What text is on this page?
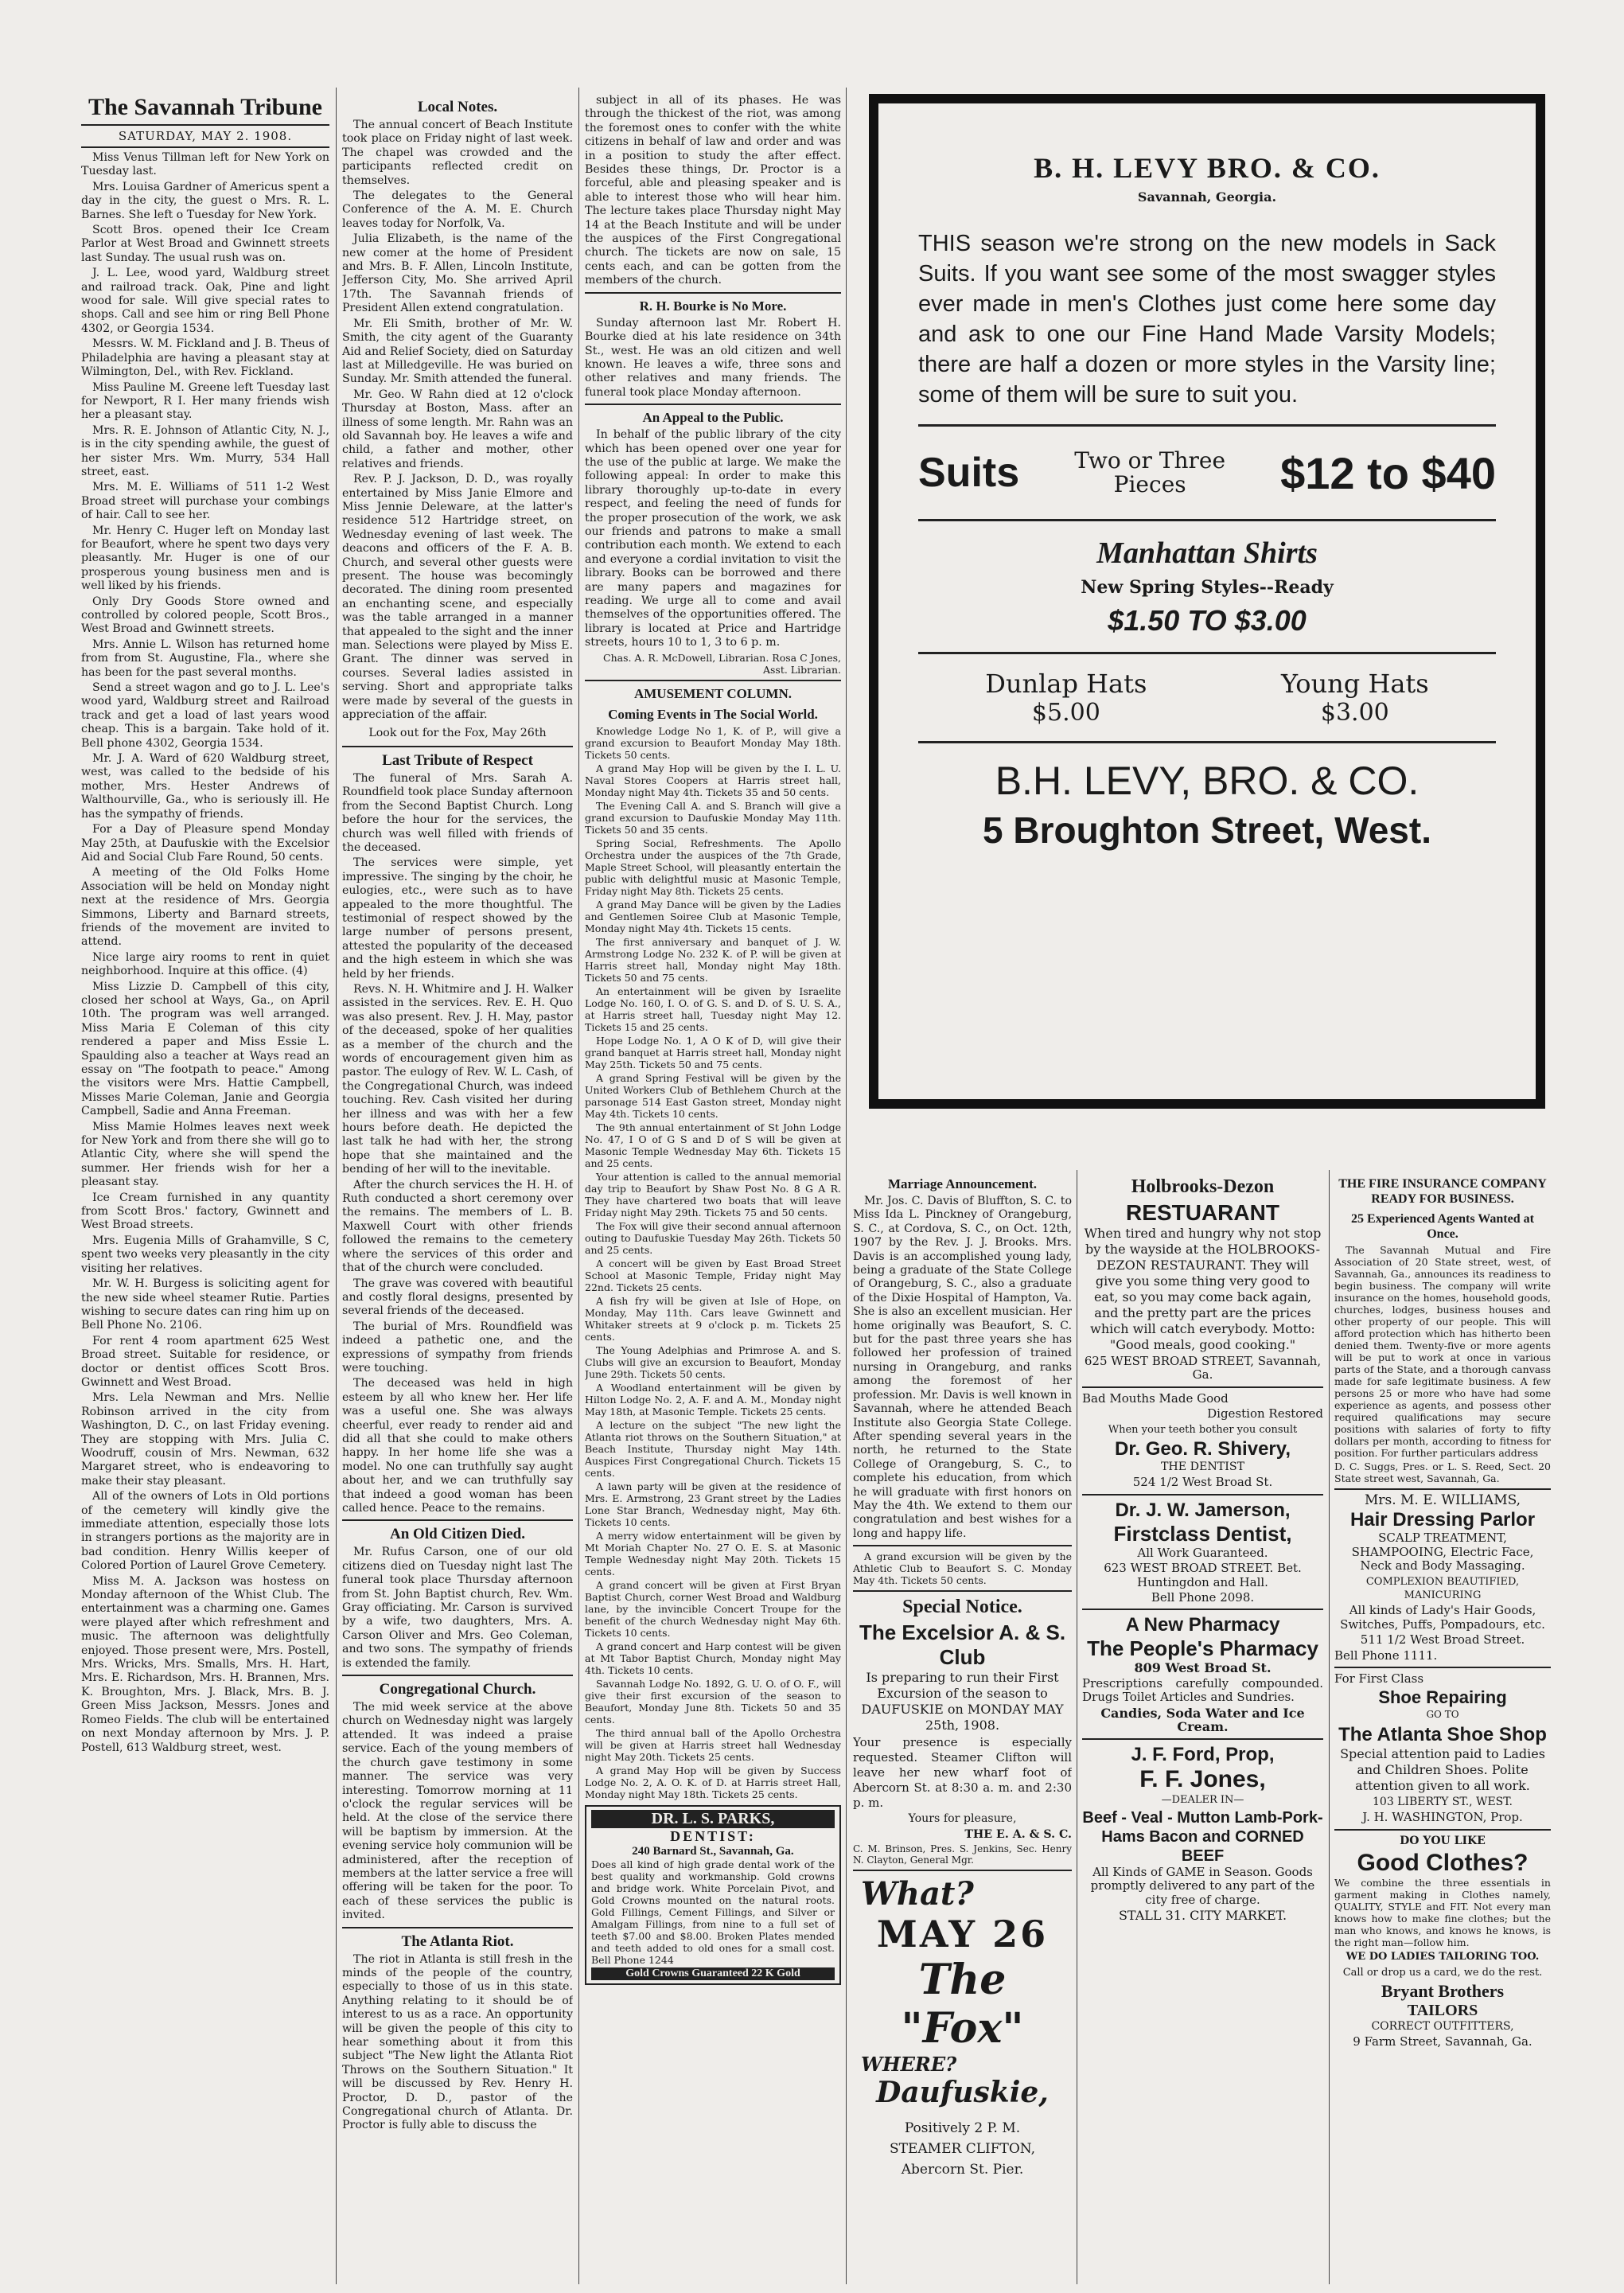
The Savannah Tribune
SATURDAY, MAY 2. 1908.
Miss Venus Tillman left for New York on Tuesday last.
Mrs. Louisa Gardner of Americus spent a day in the city, the guest o Mrs. R. L. Barnes. She left o Tuesday for New York.
Scott Bros. opened their Ice Cream Parlor at West Broad and Gwinnett streets last Sunday. The usual rush was on.
J. L. Lee, wood yard, Waldburg street and railroad track. Oak, Pine and light wood for sale. Will give special rates to shops. Call and see him or ring Bell Phone 4302, or Georgia 1534.
Messrs. W. M. Fickland and J. B. Theus of Philadelphia are having a pleasant stay at Wilmington, Del., with Rev. Fickland.
Miss Pauline M. Greene left Tuesday last for Newport, R I. Her many friends wish her a pleasant stay.
Mrs. R. E. Johnson of Atlantic City, N. J., is in the city spending awhile, the guest of her sister Mrs. Wm. Murry, 534 Hall street, east.
Mrs. M. E. Williams of 511 1-2 West Broad street will purchase your combings of hair. Call to see her.
Mr. Henry C. Huger left on Monday last for Beaufort, where he spent two days very pleasantly. Mr. Huger is one of our prosperous young business men and is well liked by his friends.
Only Dry Goods Store owned and controlled by colored people, Scott Bros., West Broad and Gwinnett streets.
Mrs. Annie L. Wilson has returned home from from St. Augustine, Fla., where she has been for the past several months.
Send a street wagon and go to J. L. Lee's wood yard, Waldburg street and Railroad track and get a load of last years wood cheap. This is a bargain. Take hold of it. Bell phone 4302, Georgia 1534.
Mr. J. A. Ward of 620 Waldburg street, west, was called to the bedside of his mother, Mrs. Hester Andrews of Walthourville, Ga., who is seriously ill. He has the sympathy of friends.
For a Day of Pleasure spend Monday May 25th, at Daufuskie with the Excelsior Aid and Social Club Fare Round, 50 cents.
A meeting of the Old Folks Home Association will be held on Monday night next at the residence of Mrs. Georgia Simmons, Liberty and Barnard streets, friends of the movement are invited to attend.
Nice large airy rooms to rent in quiet neighborhood. Inquire at this office. (4)
Miss Lizzie D. Campbell of this city, closed her school at Ways, Ga., on April 10th. The program was well arranged. Miss Maria E Coleman of this city rendered a paper and Miss Essie L. Spaulding also a teacher at Ways read an essay on "The footpath to peace." Among the visitors were Mrs. Hattie Campbell, Misses Marie Coleman, Janie and Georgia Campbell, Sadie and Anna Freeman.
Miss Mamie Holmes leaves next week for New York and from there she will go to Atlantic City, where she will spend the summer. Her friends wish for her a pleasant stay.
Ice Cream furnished in any quantity from Scott Bros.' factory, Gwinnett and West Broad streets.
Mrs. Eugenia Mills of Grahamville, S C, spent two weeks very pleasantly in the city visiting her relatives.
Mr. W. H. Burgess is soliciting agent for the new side wheel steamer Rutie. Parties wishing to secure dates can ring him up on Bell Phone No. 2106.
For rent 4 room apartment 625 West Broad street. Suitable for residence, or doctor or dentist offices Scott Bros. Gwinnett and West Broad.
Mrs. Lela Newman and Mrs. Nellie Robinson arrived in the city from Washington, D. C., on last Friday evening. They are stopping with Mrs. Julia C. Woodruff, cousin of Mrs. Newman, 632 Margaret street, who is endeavoring to make their stay pleasant.
All of the owners of Lots in Old portions of the cemetery will kindly give the immediate attention, especially those lots in strangers portions as the majority are in bad condition. Henry Willis keeper of Colored Portion of Laurel Grove Cemetery.
Miss M. A. Jackson was hostess on Monday afternoon of the Whist Club. The entertainment was a charming one. Games were played after which refreshment and music. The afternoon was delightfully enjoyed. Those present were, Mrs. Postell, Mrs. Wricks, Mrs. Smalls, Mrs. H. Hart, Mrs. E. Richardson, Mrs. H. Brannen, Mrs. K. Broughton, Mrs. J. Black, Mrs. B. J. Green Miss Jackson, Messrs. Jones and Romeo Fields. The club will be entertained on next Monday afternoon by Mrs. J. P. Postell, 613 Waldburg street, west.
Local Notes.
The annual concert of Beach Institute took place on Friday night of last week. The chapel was crowded and the participants reflected credit on themselves.
The delegates to the General Conference of the A. M. E. Church leaves today for Norfolk, Va.
Julia Elizabeth, is the name of the new comer at the home of President and Mrs. B. F. Allen, Lincoln Institute, Jefferson City, Mo. She arrived April 17th. The Savannah friends of President Allen extend congratulation.
Mr. Eli Smith, brother of Mr. W. Smith, the city agent of the Guaranty Aid and Relief Society, died on Saturday last at Milledgeville. He was buried on Sunday. Mr. Smith attended the funeral.
Mr. Geo. W Rahn died at 12 o'clock Thursday at Boston, Mass. after an illness of some length. Mr. Rahn was an old Savannah boy. He leaves a wife and child, a father and mother, other relatives and friends.
Rev. P. J. Jackson, D. D., was royally entertained by Miss Janie Elmore and Miss Jennie Deleware, at the latter's residence 512 Hartridge street, on Wednesday evening of last week. The deacons and officers of the F. A. B. Church, and several other guests were present. The house was becomingly decorated. The dining room presented an enchanting scene, and especially was the table arranged in a manner that appealed to the sight and the inner man. Selections were played by Miss E. Grant. The dinner was served in courses. Several ladies assisted in serving. Short and appropriate talks were made by several of the guests in appreciation of the affair.
Look out for the Fox, May 26th
Last Tribute of Respect
The funeral of Mrs. Sarah A. Roundfield took place Sunday afternoon from the Second Baptist Church. Long before the hour for the services, the church was well filled with friends of the deceased.
The services were simple, yet impressive. The singing by the choir, he eulogies, etc., were such as to have appealed to the more thoughtful. The testimonial of respect showed by the large number of persons present, attested the popularity of the deceased and the high esteem in which she was held by her friends.
Revs. N. H. Whitmire and J. H. Walker assisted in the services. Rev. E. H. Quo was also present. Rev. J. H. May, pastor of the deceased, spoke of her qualities as a member of the church and the words of encouragement given him as pastor. The eulogy of Rev. W. L. Cash, of the Congregational Church, was indeed touching. Rev. Cash visited her during her illness and was with her a few hours before death. He depicted the last talk he had with her, the strong hope that she maintained and the bending of her will to the inevitable.
After the church services the H. H. of Ruth conducted a short ceremony over the remains. The members of L. B. Maxwell Court with other friends followed the remains to the cemetery where the services of this order and that of the church were concluded.
The grave was covered with beautiful and costly floral designs, presented by several friends of the deceased.
The burial of Mrs. Roundfield was indeed a pathetic one, and the expressions of sympathy from friends were touching.
The deceased was held in high esteem by all who knew her. Her life was a useful one. She was always cheerful, ever ready to render aid and did all that she could to make others happy. In her home life she was a model. No one can truthfully say aught about her, and we can truthfully say that indeed a good woman has been called hence. Peace to the remains.
An Old Citizen Died.
Mr. Rufus Carson, one of our old citizens died on Tuesday night last The funeral took place Thursday afternoon from St. John Baptist church, Rev. Wm. Gray officiating. Mr. Carson is survived by a wife, two daughters, Mrs. A. Carson Oliver and Mrs. Geo Coleman, and two sons. The sympathy of friends is extended the family.
Congregational Church.
The mid week service at the above church on Wednesday night was largely attended. It was indeed a praise service. Each of the young members of the church gave testimony in some manner. The service was very interesting. Tomorrow morning at 11 o'clock the regular services will be held. At the close of the service there will be baptism by immersion. At the evening service holy communion will be administered, after the reception of members at the latter service a free will offering will be taken for the poor. To each of these services the public is invited.
The Atlanta Riot.
The riot in Atlanta is still fresh in the minds of the people of the country, especially to those of us in this state. Anything relating to it should be of interest to us as a race. An opportunity will be given the people of this city to hear something about it from this subject "The New light the Atlanta Riot Throws on the Southern Situation." It will be discussed by Rev. Henry H. Proctor, D. D., pastor of the Congregational church of Atlanta. Dr. Proctor is fully able to discuss the
subject in all of its phases. He was through the thickest of the riot, was among the foremost ones to confer with the white citizens in behalf of law and order and was in a position to study the after effect. Besides these things, Dr. Proctor is a forceful, able and pleasing speaker and is able to interest those who will hear him. The lecture takes place Thursday night May 14 at the Beach Institute and will be under the auspices of the First Congregational church. The tickets are now on sale, 15 cents each, and can be gotten from the members of the church.
R. H. Bourke is No More.
Sunday afternoon last Mr. Robert H. Bourke died at his late residence on 34th St., west. He was an old citizen and well known. He leaves a wife, three sons and other relatives and many friends. The funeral took place Monday afternoon.
An Appeal to the Public.
In behalf of the public library of the city which has been opened over one year for the use of the public at large. We make the following appeal: In order to make this library thoroughly up-to-date in every respect, and feeling the need of funds for the proper prosecution of the work, we ask our friends and patrons to make a small contribution each month. We extend to each and everyone a cordial invitation to visit the library. Books can be borrowed and there are many papers and magazines for reading. We urge all to come and avail themselves of the opportunities offered. The library is located at Price and Hartridge streets, hours 10 to 1, 3 to 6 p. m.
Chas. A. R. McDowell, Librarian. Rosa C Jones, Asst. Librarian.
AMUSEMENT COLUMN.
Coming Events in The Social World.
Knowledge Lodge No 1, K. of P., will give a grand excursion to Beaufort Monday May 18th. Tickets 50 cents.
A grand May Hop will be given by the I. L. U. Naval Stores Coopers at Harris street hall, Monday night May 4th. Tickets 35 and 50 cents.
The Evening Call A. and S. Branch will give a grand excursion to Daufuskie Monday May 11th. Tickets 50 and 35 cents.
Spring Social, Refreshments. The Apollo Orchestra under the auspices of the 7th Grade, Maple Street School, will pleasantly entertain the public with delightful music at Masonic Temple, Friday night May 8th. Tickets 25 cents.
A grand May Dance will be given by the Ladies and Gentlemen Soiree Club at Masonic Temple, Monday night May 4th. Tickets 15 cents.
The first anniversary and banquet of J. W. Armstrong Lodge No. 232 K. of P. will be given at Harris street hall, Monday night May 18th. Tickets 50 and 75 cents.
An entertainment will be given by Israelite Lodge No. 160, I. O. of G. S. and D. of S. U. S. A., at Harris street hall, Tuesday night May 12. Tickets 15 and 25 cents.
Hope Lodge No. 1, A O K of D, will give their grand banquet at Harris street hall, Monday night May 25th. Tickets 50 and 75 cents.
A grand Spring Festival will be given by the United Workers Club of Bethlehem Church at the parsonage 514 East Gaston street, Monday night May 4th. Tickets 10 cents.
The 9th annual entertainment of St John Lodge No. 47, I O of G S and D of S will be given at Masonic Temple Wednesday May 6th. Tickets 15 and 25 cents.
Your attention is called to the annual memorial day trip to Beaufort by Shaw Post No. 8 G A R. They have chartered two boats that will leave Friday night May 29th. Tickets 75 and 50 cents.
The Fox will give their second annual afternoon outing to Daufuskie Tuesday May 26th. Tickets 50 and 25 cents.
A concert will be given by East Broad Street School at Masonic Temple, Friday night May 22nd. Tickets 25 cents.
A fish fry will be given at Isle of Hope, on Monday, May 11th. Cars leave Gwinnett and Whitaker streets at 9 o'clock p. m. Tickets 25 cents.
The Young Adelphias and Primrose A. and S. Clubs will give an excursion to Beaufort, Monday June 29th. Tickets 50 cents.
A Woodland entertainment will be given by Hilton Lodge No. 2, A. F. and A. M., Monday night May 18th, at Masonic Temple. Tickets 25 cents.
A lecture on the subject "The new light the Atlanta riot throws on the Southern Situation," at Beach Institute, Thursday night May 14th. Auspices First Congregational Church. Tickets 15 cents.
A lawn party will be given at the residence of Mrs. E. Armstrong, 23 Grant street by the Ladies Lone Star Branch, Wednesday night, May 6th. Tickets 10 cents.
A merry widow entertainment will be given by Mt Moriah Chapter No. 27 O. E. S. at Masonic Temple Wednesday night May 20th. Tickets 15 cents.
A grand concert will be given at First Bryan Baptist Church, corner West Broad and Waldburg lane, by the invincible Concert Troupe for the benefit of the church Wednesday night May 6th. Tickets 10 cents.
A grand concert and Harp contest will be given at Mt Tabor Baptist Church, Monday night May 4th. Tickets 10 cents.
Savannah Lodge No. 1892, G. U. O. of O. F., will give their first excursion of the season to Beaufort, Monday June 8th. Tickets 50 and 35 cents.
The third annual ball of the Apollo Orchestra will be given at Harris street hall Wednesday night May 20th. Tickets 25 cents.
A grand May Hop will be given by Success Lodge No. 2, A. O. K. of D. at Harris street Hall, Monday night May 18th. Tickets 25 cents.
DR. L. S. PARKS,
DENTIST:
240 Barnard St., Savannah, Ga.
Does all kind of high grade dental work of the best quality and workmanship. Gold crowns and bridge work. White Porcelain Pivot, and Gold Crowns mounted on the natural roots. Gold Fillings, Cement Fillings, and Silver or Amalgam Fillings, from nine to a full set of teeth $7.00 and $8.00. Broken Plates mended and teeth added to old ones for a small cost. Bell Phone 1244
Gold Crowns Guaranteed 22 K Gold
B. H. LEVY BRO. & CO.
Savannah, Georgia.
THIS season we're strong on the new models in Sack Suits. If you want see some of the most swagger styles ever made in men's Clothes just come here some day and ask to one our Fine Hand Made Varsity Models; there are half a dozen or more styles in the Varsity line; some of them will be sure to suit you.
Suits Two or Three Pieces	$12 to $40
Manhattan Shirts
New Spring Styles--Ready
$1.50 TO $3.00
Dunlap Hats
$5.00
Young Hats
$3.00
B.H. LEVY, BRO. & CO.
5 Broughton Street, West.
Marriage Announcement.
Mr. Jos. C. Davis of Bluffton, S. C. to Miss Ida L. Pinckney of Orangeburg, S. C., at Cordova, S. C., on Oct. 12th, 1907 by the Rev. J. J. Brooks. Mrs. Davis is an accomplished young lady, being a graduate of the State College of Orangeburg, S. C., also a graduate of the Dixie Hospital of Hampton, Va. She is also an excellent musician. Her home originally was Beaufort, S. C. but for the past three years she has followed her profession of trained nursing in Orangeburg, and ranks among the foremost of her profession. Mr. Davis is well known in Savannah, where he attended Beach Institute also Georgia State College. After spending several years in the north, he returned to the State College of Orangeburg, S. C., to complete his education, from which he will graduate with first honors on May the 4th. We extend to them our congratulation and best wishes for a long and happy life.
A grand excursion will be given by the Athletic Club to Beaufort S. C. Monday May 4th. Tickets 50 cents.
Special Notice.
The Excelsior A. & S. Club
Is preparing to run their First Excursion of the season to DAUFUSKIE on MONDAY MAY 25th, 1908.
Your presence is especially requested. Steamer Clifton will leave her new wharf foot of Abercorn St. at 8:30 a. m. and 2:30 p. m.
Yours for pleasure,
THE E. A. & S. C.
C. M. Brinson, Pres. S. Jenkins, Sec. Henry N. Clayton, General Mgr.
What?
MAY 26
The "Fox"
WHERE?
Daufuskie,
Positively 2 P. M.
STEAMER CLIFTON,
Abercorn St. Pier.
Holbrooks-Dezon
RESTUARANT
When tired and hungry why not stop by the wayside at the HOLBROOKS-DEZON RESTAURANT. They will give you some thing very good to eat, so you may come back again, and the pretty part are the prices which will catch everybody. Motto: "Good meals, good cooking."
625 WEST BROAD STREET, Savannah, Ga.
Bad Mouths Made Good
Digestion Restored
When your teeth bother you consult
Dr. Geo. R. Shivery,
THE DENTIST
524 1/2 West Broad St.
Dr. J. W. Jamerson,
Firstclass Dentist,
All Work Guaranteed.
623 WEST BROAD STREET. Bet. Huntingdon and Hall.
Bell Phone 2098.
A New Pharmacy
The People's Pharmacy
809 West Broad St.
Prescriptions carefully compounded. Drugs Toilet Articles and Sundries.
Candies, Soda Water and Ice Cream.
J. F. Ford, Prop,
F. F. Jones,
—DEALER IN—
Beef - Veal - Mutton Lamb-Pork-Hams Bacon and CORNED BEEF
All Kinds of GAME in Season. Goods promptly delivered to any part of the city free of charge.
STALL 31. CITY MARKET.
THE FIRE INSURANCE COMPANY READY FOR BUSINESS.
25 Experienced Agents Wanted at Once.
The Savannah Mutual and Fire Association of 20 State street, west, of Savannah, Ga., announces its readiness to begin business. The company will write insurance on the homes, household goods, churches, lodges, business houses and other property of our people. This will afford protection which has hitherto been denied them. Twenty-five or more agents will be put to work at once in various parts of the State, and a thorough canvass made for safe legitimate business. A few persons 25 or more who have had some experience as agents, and possess other required qualifications may secure positions with salaries of forty to fifty dollars per month, according to fitness for position. For further particulars address
D. C. Suggs, Pres. or L. S. Reed, Sect. 20 State street west, Savannah, Ga.
Mrs. M. E. WILLIAMS,
Hair Dressing Parlor
SCALP TREATMENT, SHAMPOOING, Electric Face, Neck and Body Massaging.
COMPLEXION BEAUTIFIED, MANICURING
All kinds of Lady's Hair Goods, Switches, Puffs, Pompadours, etc.
511 1/2 West Broad Street.
Bell Phone 1111.
For First Class
Shoe Repairing
GO TO
The Atlanta Shoe Shop
Special attention paid to Ladies and Children Shoes. Polite attention given to all work.
103 LIBERTY ST., WEST.
J. H. WASHINGTON, Prop.
DO YOU LIKE
Good Clothes?
We combine the three essentials in garment making in Clothes namely, QUALITY, STYLE and FIT. Not every man knows how to make fine clothes; but the man who knows, and knows he knows, is the right man—follow him.
WE DO LADIES TAILORING TOO.
Call or drop us a card, we do the rest.
Bryant Brothers
TAILORS
CORRECT OUTFITTERS,
9 Farm Street, Savannah, Ga.
